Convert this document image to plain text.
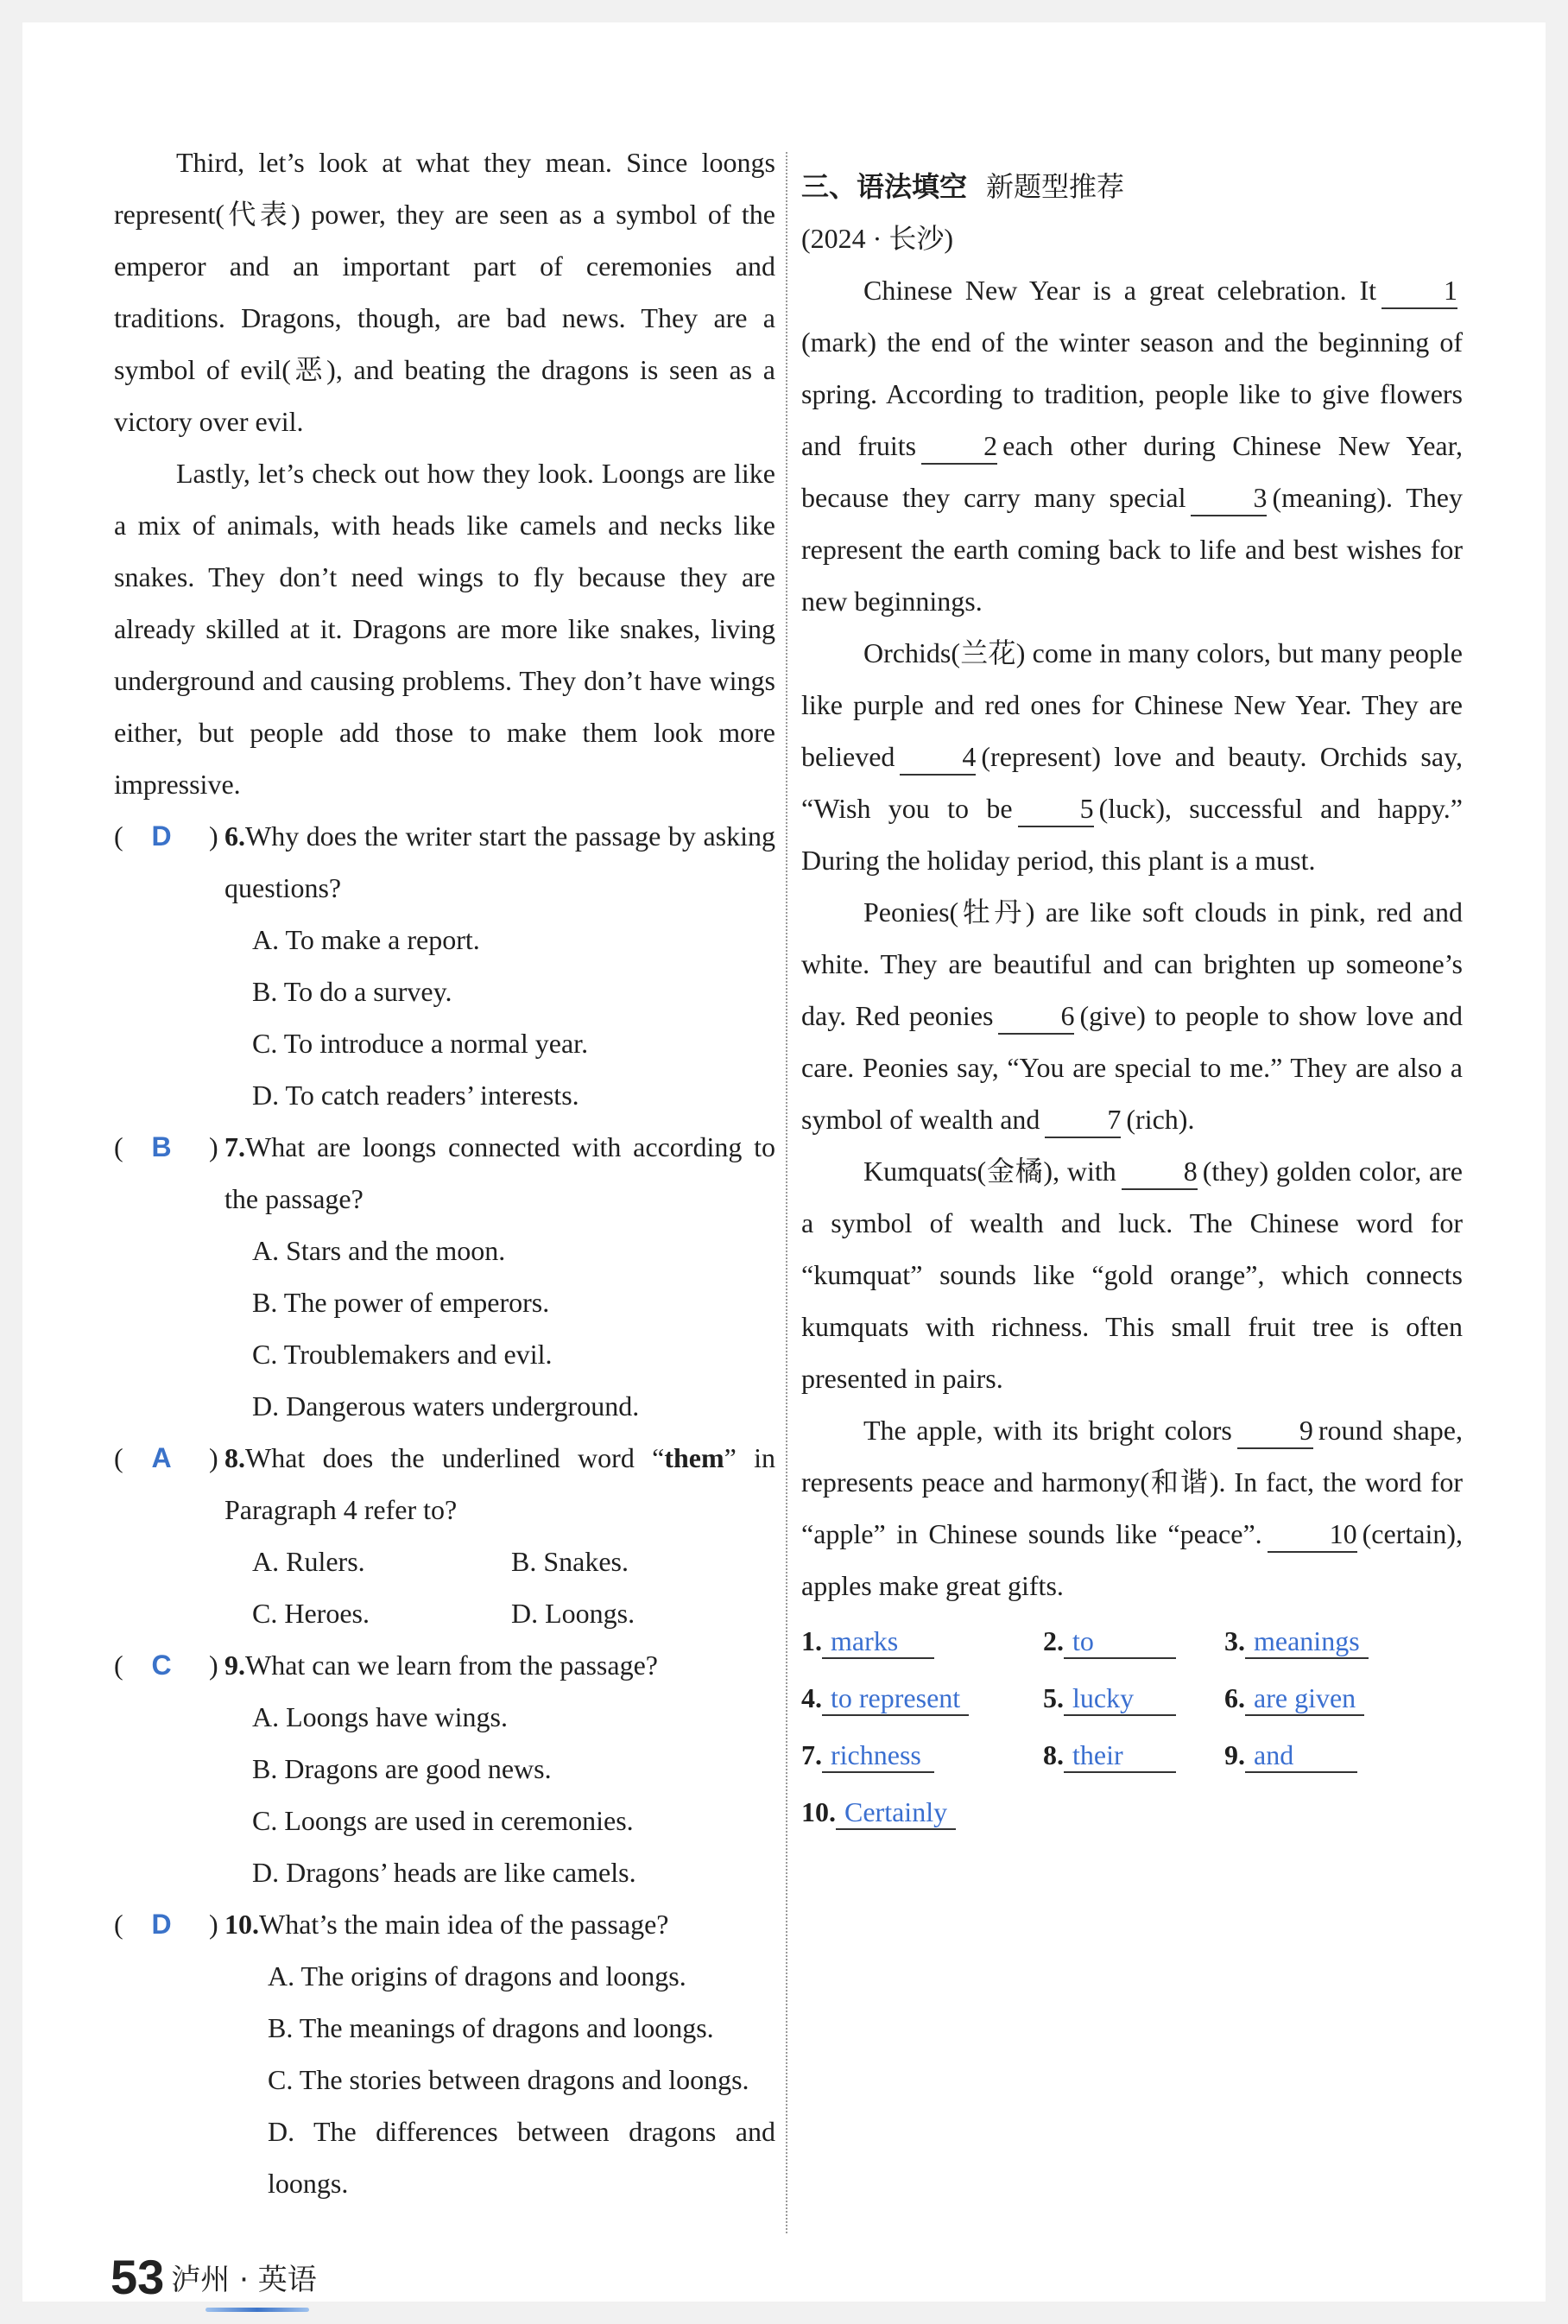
Third, let’s look at what they mean. Since loongs represent(代表) power, they are seen as a symbol of the emperor and an important part of ceremonies and traditions. Dragons, though, are bad news. They are a symbol of evil(恶), and beating the dragons is seen as a victory over evil.

Lastly, let’s check out how they look. Loongs are like a mix of animals, with heads like camels and necks like snakes. They don’t need wings to fly because they are already skilled at it. Dragons are more like snakes, living underground and causing problems. They don’t have wings either, but people add those to make them look more impressive.

(	D	) 6.Why does the writer start the passage by asking questions?
A. To make a report.
B. To do a survey.
C. To introduce a normal year.
D. To catch readers’ interests.
(	B	) 7.What are loongs connected with according to the passage?
A. Stars and the moon.
B. The power of emperors.
C. Troublemakers and evil.
D. Dangerous waters underground.
(	A	) 8.What does the underlined word “them” in Paragraph 4 refer to?
A. Rulers.	B. Snakes.
C. Heroes.	D. Loongs.
(	C	) 9.What can we learn from the passage?
A. Loongs have wings.
B. Dragons are good news.
C. Loongs are used in ceremonies.
D. Dragons’ heads are like camels.
(	D	) 10.What’s the main idea of the passage?
A. The origins of dragons and loongs.
B. The meanings of dragons and loongs.
C. The stories between dragons and loongs.
D. The differences between dragons and loongs.
三、语法填空 新题型推荐
(2024 · 长沙)

Chinese New Year is a great celebration. It 1(mark) the end of the winter season and the beginning of spring. According to tradition, people like to give flowers and fruits 2 each other during Chinese New Year, because they carry many special 3 (meaning). They represent the earth coming back to life and best wishes for new beginnings.

Orchids(兰花) come in many colors, but many people like purple and red ones for Chinese New Year. They are believed 4 (represent) love and beauty. Orchids say, “Wish you to be 5 (luck), successful and happy.” During the holiday period, this plant is a must.

Peonies(牡丹) are like soft clouds in pink, red and white. They are beautiful and can brighten up someone’s day. Red peonies 6 (give) to people to show love and care. Peonies say, “You are special to me.” They are also a symbol of wealth and 7 (rich).

Kumquats(金橘), with 8 (they) golden color, are a symbol of wealth and luck. The Chinese word for “kumquat” sounds like “gold orange”, which connects kumquats with richness. This small fruit tree is often presented in pairs.

The apple, with its bright colors 9 round shape, represents peace and harmony(和谐). In fact, the word for “apple” in Chinese sounds like “peace”. 10 (certain), apples make great gifts.

1. marks	2. to	3. meanings
4. to represent	5. lucky	6. are given
7. richness	8. their	9. and
10. Certainly
53 泸州 · 英语
